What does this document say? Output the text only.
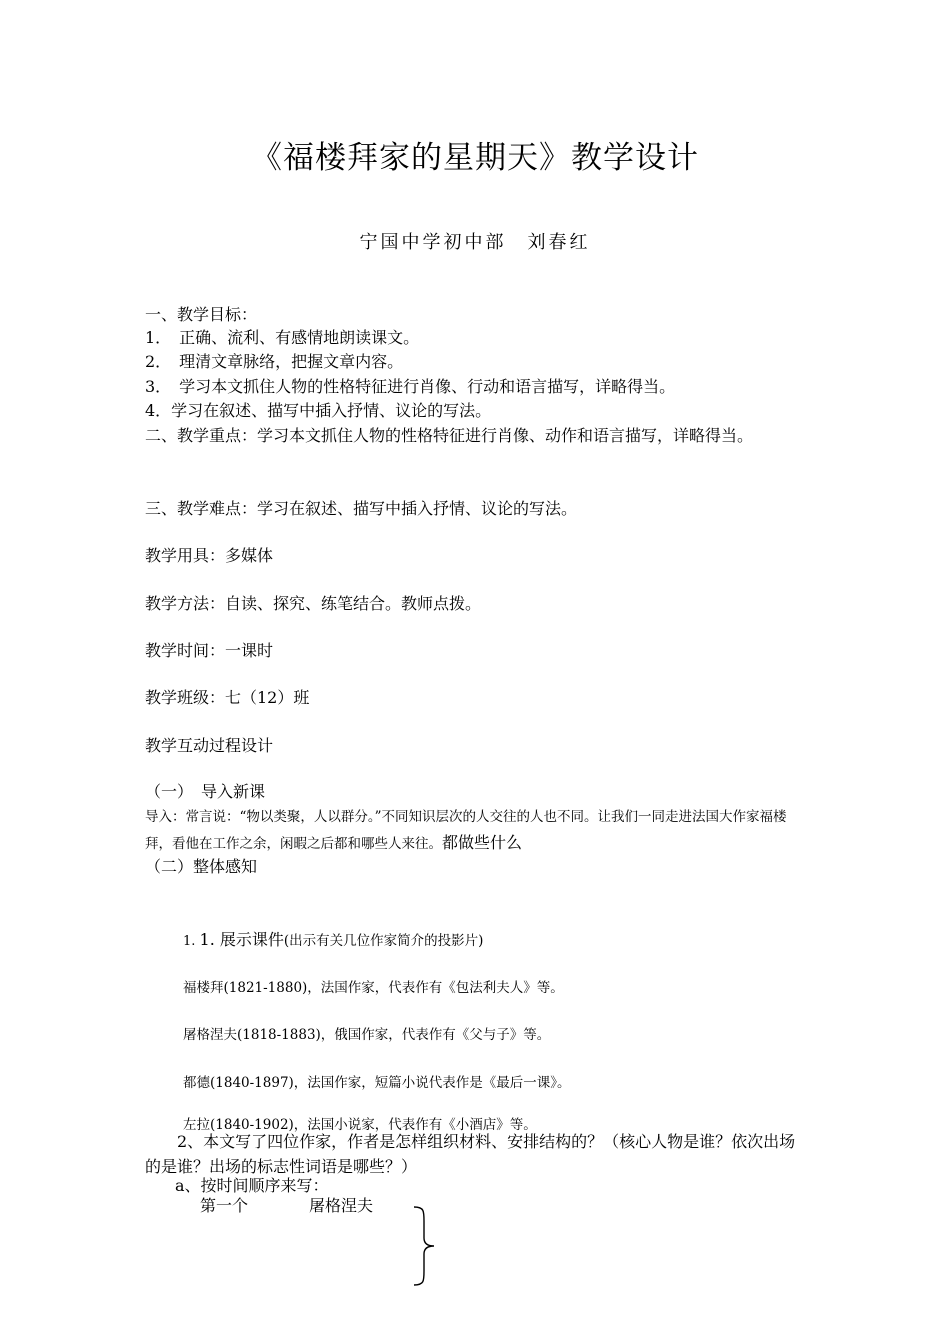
《福楼拜家的星期天》教学设计
宁国中学初中部　刘春红
一、教学目标：
1．　正确、流利、有感情地朗读课文。
2．　理清文章脉络，把握文章内容。
3．　学习本文抓住人物的性格特征进行肖像、行动和语言描写，详略得当。
4．学习在叙述、描写中插入抒情、议论的写法。
二、教学重点：学习本文抓住人物的性格特征进行肖像、动作和语言描写，详略得当。
三、教学难点：学习在叙述、描写中插入抒情、议论的写法。
教学用具：多媒体
教学方法：自读、探究、练笔结合。教师点拨。
教学时间：一课时
教学班级：七（12）班
教学互动过程设计
（一）　导入新课
导入：常言说：“物以类聚，人以群分。”不同知识层次的人交往的人也不同。让我们一同走进法国大作家福楼拜，看他在工作之余，闲暇之后都和哪些人来往。都做些什么
（二）整体感知
1. 1. 展示课件(出示有关几位作家简介的投影片)
福楼拜(1821-1880)，法国作家，代表作有《包法利夫人》等。
屠格涅夫(1818-1883)，俄国作家，代表作有《父与子》等。
都德(1840-1897)，法国作家，短篇小说代表作是《最后一课》。
左拉(1840-1902)，法国小说家，代表作有《小酒店》等。
2、本文写了四位作家，作者是怎样组织材料、安排结构的？（核心人物是谁？依次出场的是谁？出场的标志性词语是哪些？）
a、按时间顺序来写：
第一个	屠格涅夫
